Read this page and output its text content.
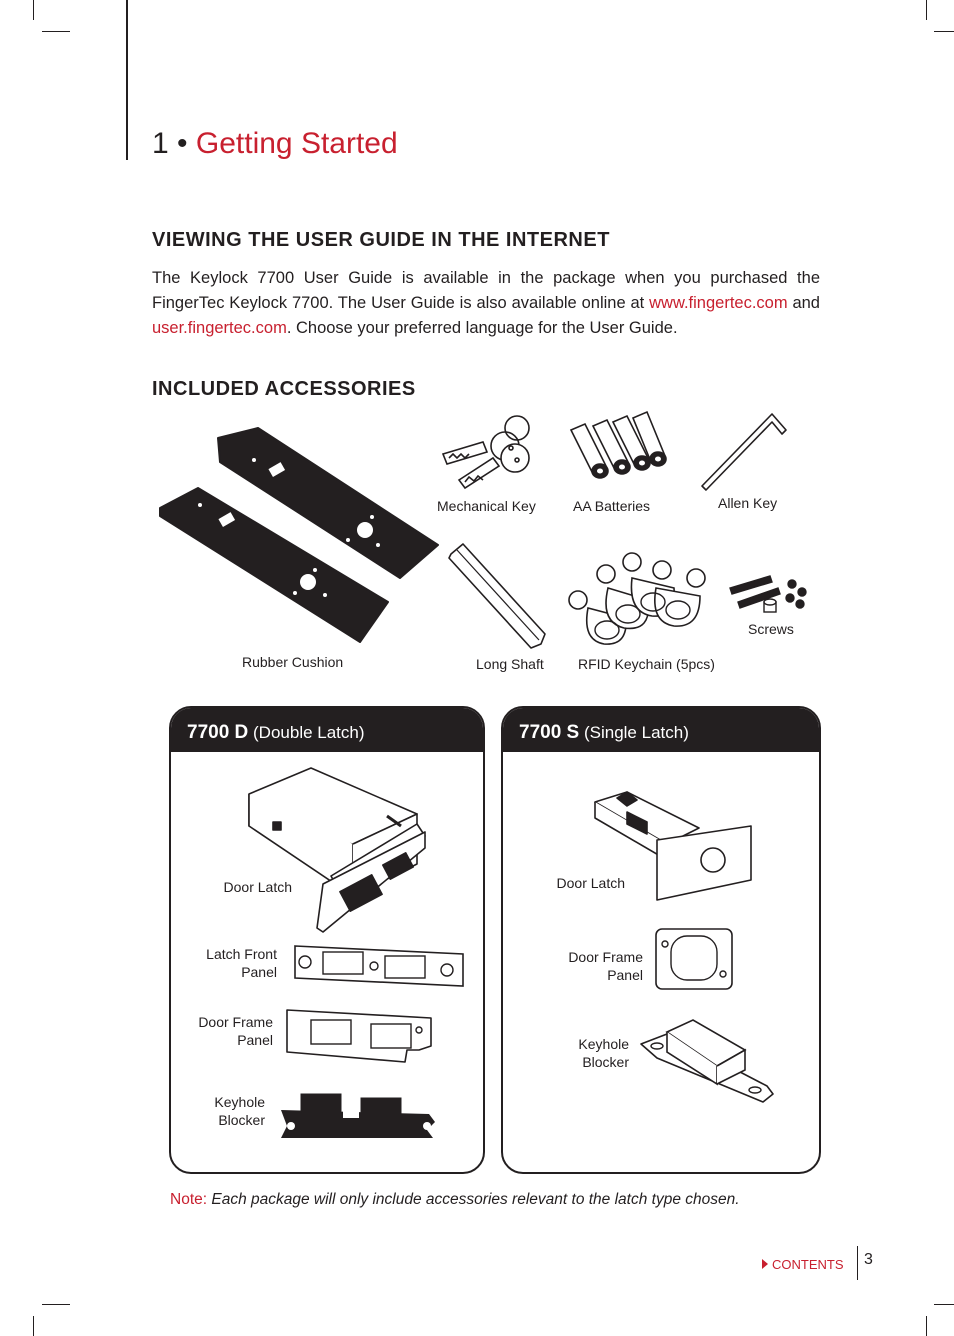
1 • Getting Started
VIEWING THE USER GUIDE IN THE INTERNET

The Keylock 7700 User Guide is available in the package when you purchased the FingerTec Keylock 7700. The User Guide is also available online at www.fingertec.com and user.fingertec.com. Choose your preferred language for the User Guide.

INCLUDED ACCESSORIES
Rubber Cushion
Mechanical Key	AA Batteries	Allen Key
Long Shaft RFID Keychain (5pcs)
Screws
7700 D (Double Latch)
Door Latch
Latch Front
Panel
Door Frame
Panel
Keyhole
Blocker
7700 S (Single Latch)
Door Latch
Door Frame
Panel
Keyhole
Blocker
Note: Each package will only include accessories relevant to the latch type chosen.
CONTENTS 3
